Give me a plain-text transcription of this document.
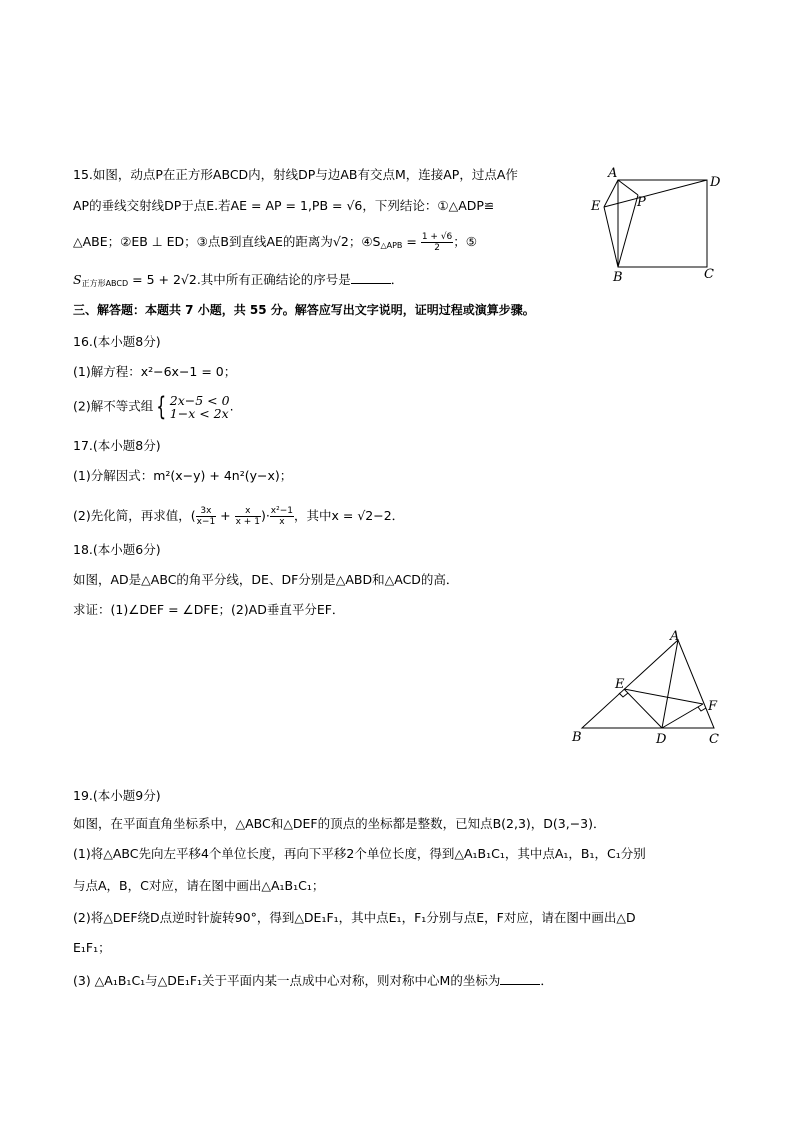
15.如图，动点P在正方形ABCD内，射线DP与边AB有交点M，连接AP，过点A作
AP的垂线交射线DP于点E.若AE = AP = 1,PB = √6，下列结论：①△ADP≌
△ABE；②EB ⊥ ED；③点B到直线AE的距离为√2；$④S_{\triangle APB} = \frac{1 + √6}{2}$ ；⑤
$S_{正方形ABCD} = 5 + 2√2$.其中所有正确结论的序号是	．
A
D
E	P
B	C
三、解答题：本题共 7 小题，共 55 分。解答应写出文字说明，证明过程或演算步骤。
16.(本小题8分)
(1)解方程：x²−6x−1 = 0；
(2)解不等式组 { 2x−5 < 0
1−x < 2x .
17.(本小题8分)
(1)分解因式：m²(x−y) + 4n²(y−x)；
(2)先化简，再求值，( $\frac{3x}{x-1} + \frac{x}{x + 1}$ )· $\frac{\text{x²−1}}{x}$ ，其中x = √2−2．
18.(本小题6分)
如图，AD是△ABC的角平分线，DE、DF分别是△ABD和△ACD的高．
求证：(1)∠DEF = ∠DFE；(2)AD垂直平分EF．
A
E
F
B	D	C
19.(本小题9分)
如图，在平面直角坐标系中，△ABC和△DEF的顶点的坐标都是整数，已知点B(2,3)，D(3,−3)．
(1)将△ABC先向左平移4个单位长度，再向下平移2个单位长度，得到△A₁B₁C₁，其中点A₁，B₁，C₁分别
与点A，B，C对应，请在图中画出△A₁B₁C₁；
(2)将△DEF绕D点逆时针旋转90°，得到△DE₁F₁，其中点E₁，F₁分别与点E，F对应，请在图中画出△D
E₁F₁；
(3) △A₁B₁C₁与△DE₁F₁关于平面内某一点成中心对称，则对称中心M的坐标为	．
